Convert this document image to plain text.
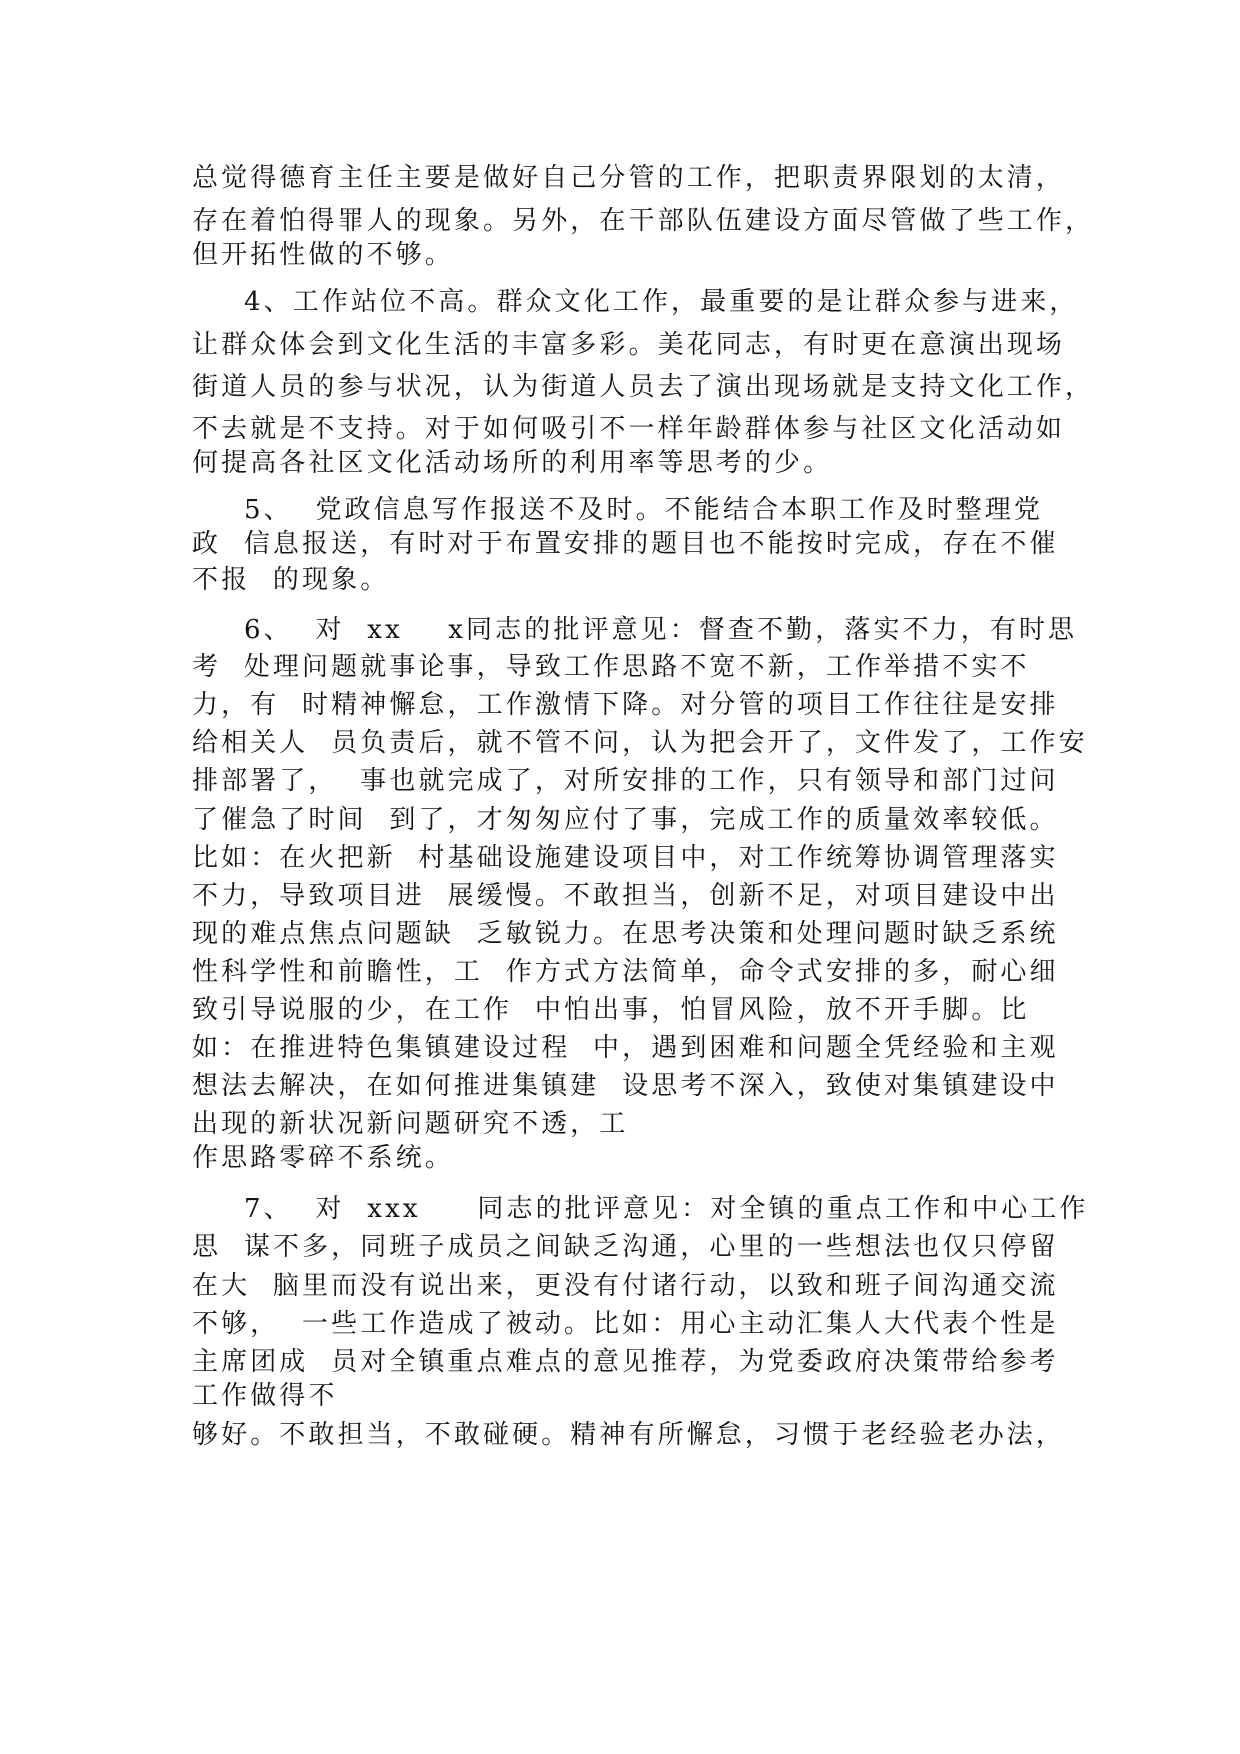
总觉得德育主任主要是做好自己分管的工作，把职责界限划的太清，

存在着怕得罪人的现象。另外，在干部队伍建设方面尽管做了些工作，

但开拓性做的不够。

4、工作站位不高。群众文化工作，最重要的是让群众参与进来，

让群众体会到文化生活的丰富多彩。美花同志，有时更在意演出现场

街道人员的参与状况，认为街道人员去了演出现场就是支持文化工作，

不去就是不支持。对于如何吸引不一样年龄群体参与社区文化活动如

何提高各社区文化活动场所的利用率等思考的少。

5、  党政信息写作报送不及时。不能结合本职工作及时整理党

政  信息报送，有时对于布置安排的题目也不能按时完成，存在不催

不报  的现象。

6、  对  xx    x同志的批评意见：督查不勤，落实不力，有时思

考  处理问题就事论事，导致工作思路不宽不新，工作举措不实不

力，有  时精神懈怠，工作激情下降。对分管的项目工作往往是安排

给相关人  员负责后，就不管不问，认为把会开了，文件发了，工作安

排部署了，  事也就完成了，对所安排的工作，只有领导和部门过问

了催急了时间  到了，才匆匆应付了事，完成工作的质量效率较低。

比如：在火把新  村基础设施建设项目中，对工作统筹协调管理落实

不力，导致项目进  展缓慢。不敢担当，创新不足，对项目建设中出

现的难点焦点问题缺  乏敏锐力。在思考决策和处理问题时缺乏系统

性科学性和前瞻性，工  作方式方法简单，命令式安排的多，耐心细

致引导说服的少，在工作  中怕出事，怕冒风险，放不开手脚。比

如：在推进特色集镇建设过程  中，遇到困难和问题全凭经验和主观

想法去解决，在如何推进集镇建  设思考不深入，致使对集镇建设中

出现的新状况新问题研究不透，工

作思路零碎不系统。

7、  对  xxx     同志的批评意见：对全镇的重点工作和中心工作

思  谋不多，同班子成员之间缺乏沟通，心里的一些想法也仅只停留

在大  脑里而没有说出来，更没有付诸行动，以致和班子间沟通交流

不够，  一些工作造成了被动。比如：用心主动汇集人大代表个性是

主席团成  员对全镇重点难点的意见推荐，为党委政府决策带给参考

工作做得不

够好。不敢担当，不敢碰硬。精神有所懈怠，习惯于老经验老办法，
